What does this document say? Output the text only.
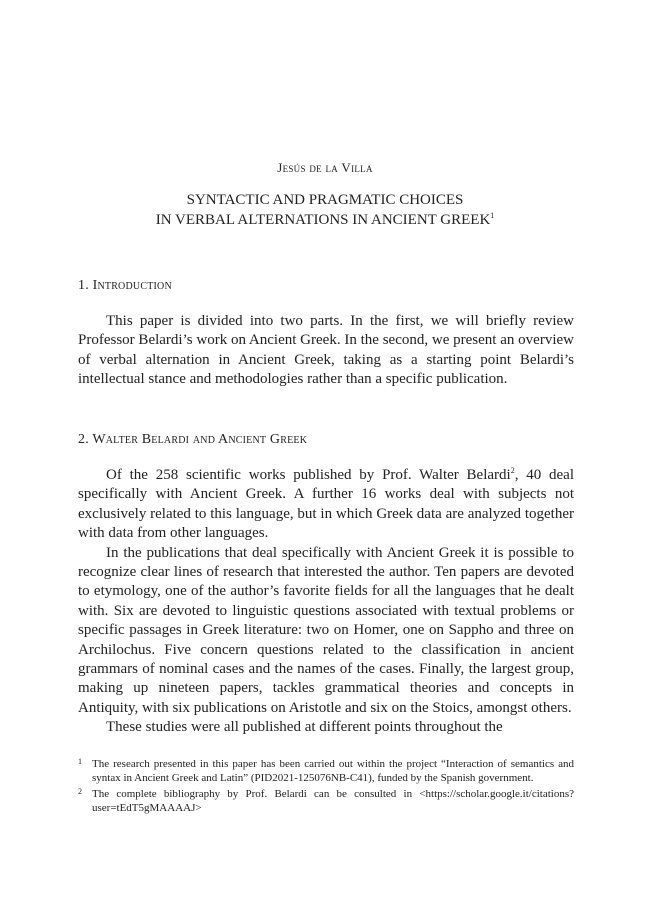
Jesús de la Villa
SYNTACTIC AND PRAGMATIC CHOICES
IN VERBAL ALTERNATIONS IN ANCIENT GREEK$^1$
1. Introduction

This paper is divided into two parts. In the first, we will briefly review Professor Belardi’s work on Ancient Greek. In the second, we present an overview of verbal alternation in Ancient Greek, taking as a starting point Belardi’s intellectual stance and methodologies rather than a specific publication.

2. Walter Belardi and Ancient Greek

Of the 258 scientific works published by Prof. Walter Belardi$^2$, 40 deal specifically with Ancient Greek. A further 16 works deal with subjects not exclusively related to this language, but in which Greek data are analyzed together with data from other languages.

In the publications that deal specifically with Ancient Greek it is possible to recognize clear lines of research that interested the author. Ten papers are devoted to etymology, one of the author’s favorite fields for all the languages that he dealt with. Six are devoted to linguistic questions associated with textual problems or specific passages in Greek literature: two on Homer, one on Sappho and three on Archilochus. Five concern questions related to the classification in ancient grammars of nominal cases and the names of the cases. Finally, the largest group, making up nineteen papers, tackles grammatical theories and concepts in Antiquity, with six publications on Aristotle and six on the Stoics, amongst others.

These studies were all published at different points throughout the

1 The research presented in this paper has been carried out within the project “Interaction of semantics and syntax in Ancient Greek and Latin” (PID2021-125076NB-C41), funded by the Spanish government.
2 The complete bibliography by Prof. Belardi can be consulted in <https://scholar.google.it/citations?user=tEdT5gMAAAAJ>
